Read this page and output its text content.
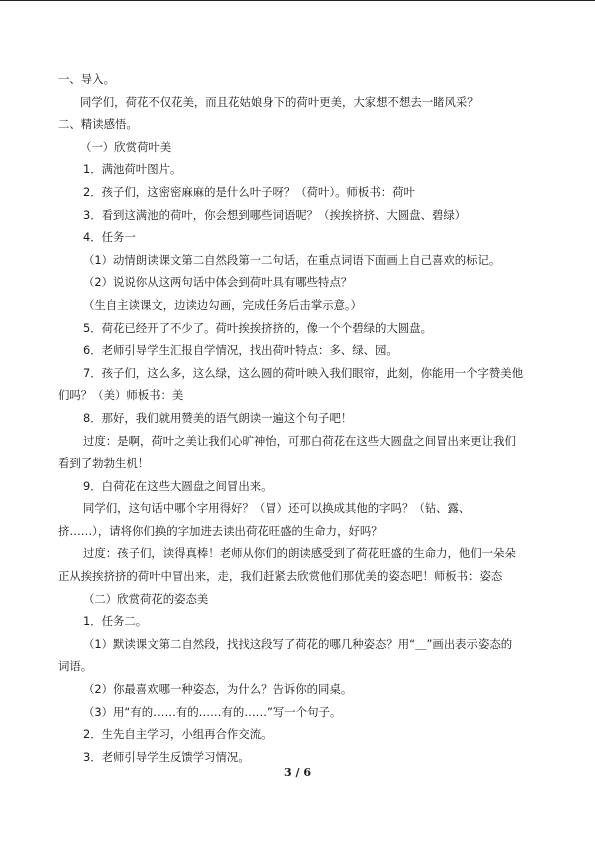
一、导入。
同学们，荷花不仅花美，而且花姑娘身下的荷叶更美，大家想不想去一睹风采？
二、精读感悟。
（一）欣赏荷叶美
1．满池荷叶图片。
2．孩子们，这密密麻麻的是什么叶子呀？（荷叶）。师板书：荷叶
3．看到这满池的荷叶，你会想到哪些词语呢？（挨挨挤挤、大圆盘、碧绿）
4．任务一
（1）动情朗读课文第二自然段第一二句话，在重点词语下面画上自己喜欢的标记。
（2）说说你从这两句话中体会到荷叶具有哪些特点？
（生自主读课文，边读边勾画，完成任务后击掌示意。）
5．荷花已经开了不少了。荷叶挨挨挤挤的，像一个个碧绿的大圆盘。
6．老师引导学生汇报自学情况，找出荷叶特点：多、绿、园。
7．孩子们，这么多，这么绿，这么圆的荷叶映入我们眼帘，此刻，你能用一个字赞美他
们吗？（美）师板书：美
8．那好，我们就用赞美的语气朗读一遍这个句子吧！
过度：是啊，荷叶之美让我们心旷神怡，可那白荷花在这些大圆盘之间冒出来更让我们
看到了勃勃生机！
9．白荷花在这些大圆盘之间冒出来。
同学们，这句话中哪个字用得好？（冒）还可以换成其他的字吗？（钻、露、
挤……），请将你们换的字加进去读出荷花旺盛的生命力，好吗？
过度：孩子们，读得真棒！老师从你们的朗读感受到了荷花旺盛的生命力，他们一朵朵
正从挨挨挤挤的荷叶中冒出来，走，我们赶紧去欣赏他们那优美的姿态吧！师板书：姿态
（二）欣赏荷花的姿态美
1．任务二。
（1）默读课文第二自然段，找找这段写了荷花的哪几种姿态？用“＿”画出表示姿态的
词语。
（2）你最喜欢哪一种姿态，为什么？告诉你的同桌。
（3）用“有的……有的……有的……”写一个句子。
2．生先自主学习，小组再合作交流。
3．老师引导学生反馈学习情况。
3 / 6
